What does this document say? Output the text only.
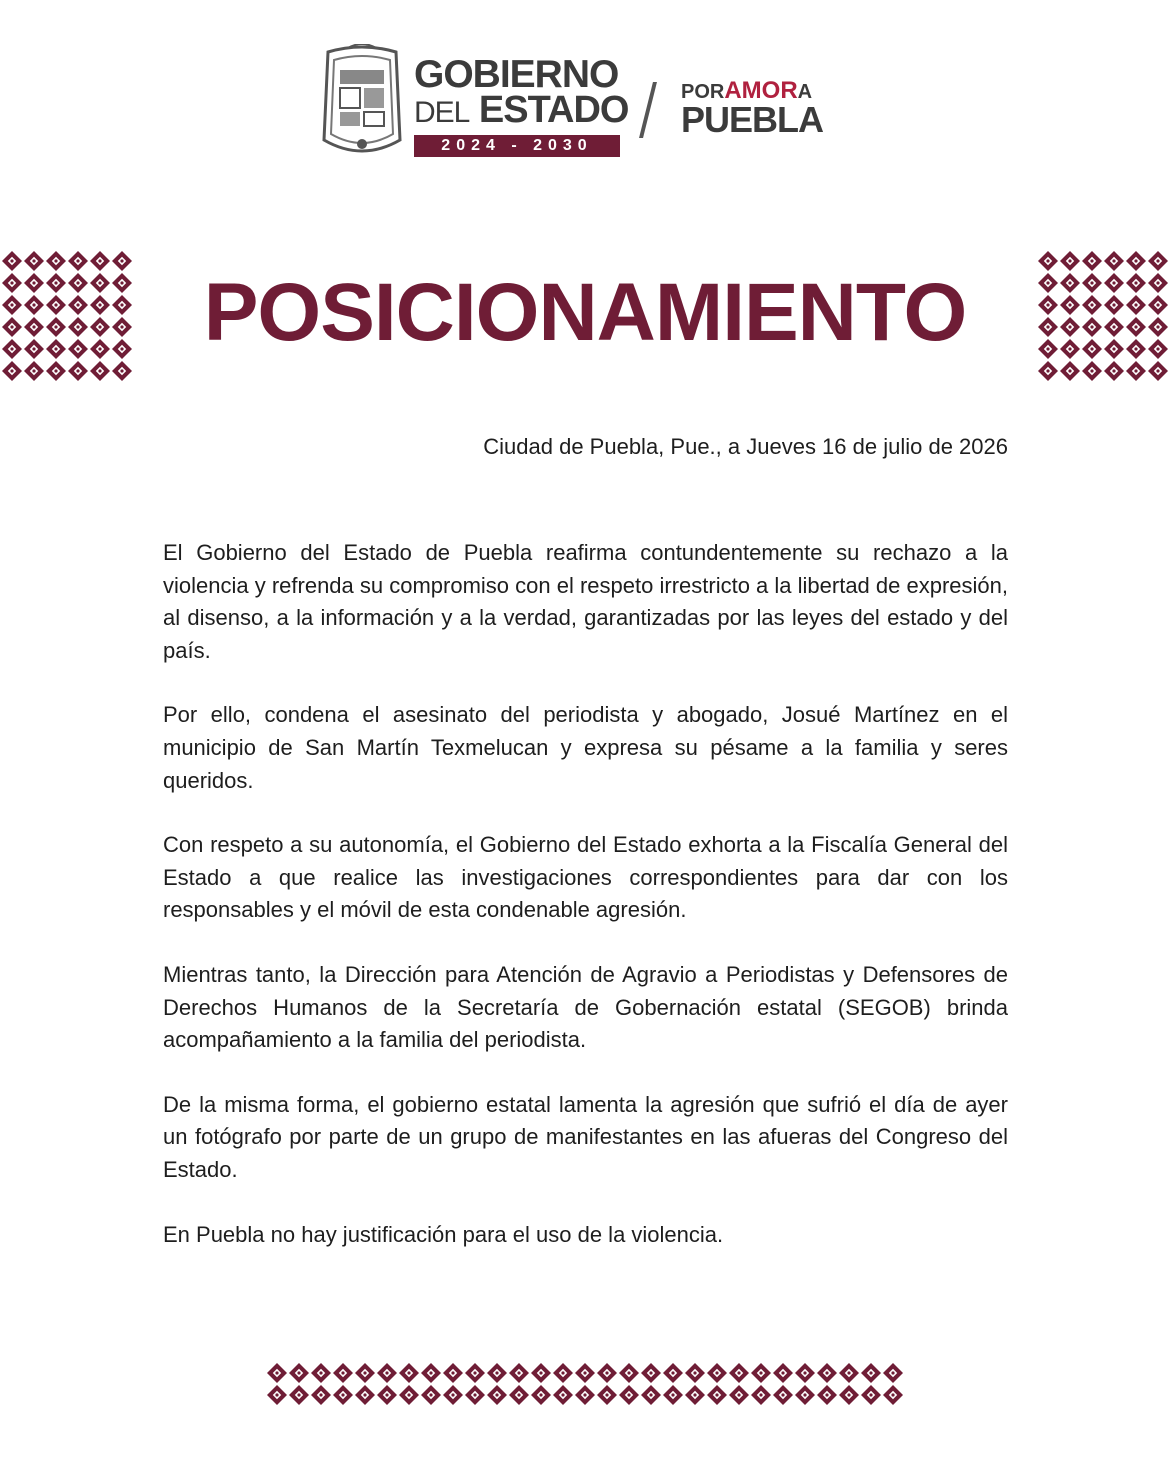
GOBIERNO
DEL ESTADO
2024 - 2030
PORAMORA
PUEBLA
POSICIONAMIENTO

Ciudad de Puebla, Pue., a Jueves 16 de julio de 2026

El Gobierno del Estado de Puebla reafirma contundentemente su rechazo a la violencia y refrenda su compromiso con el respeto irrestricto a la libertad de expresión, al disenso, a la información y a la verdad, garantizadas por las leyes del estado y del país.

Por ello, condena el asesinato del periodista y abogado, Josué Martínez en el municipio de San Martín Texmelucan y expresa su pésame a la familia y seres queridos.

Con respeto a su autonomía, el Gobierno del Estado exhorta a la Fiscalía General del Estado a que realice las investigaciones correspondientes para dar con los responsables y el móvil de esta condenable agresión.

Mientras tanto, la Dirección para Atención de Agravio a Periodistas y Defensores de Derechos Humanos de la Secretaría de Gobernación estatal (SEGOB) brinda acompañamiento a la familia del periodista.

De la misma forma, el gobierno estatal lamenta la agresión que sufrió el día de ayer un fotógrafo por parte de un grupo de manifestantes en las afueras del Congreso del Estado.

En Puebla no hay justificación para el uso de la violencia.
